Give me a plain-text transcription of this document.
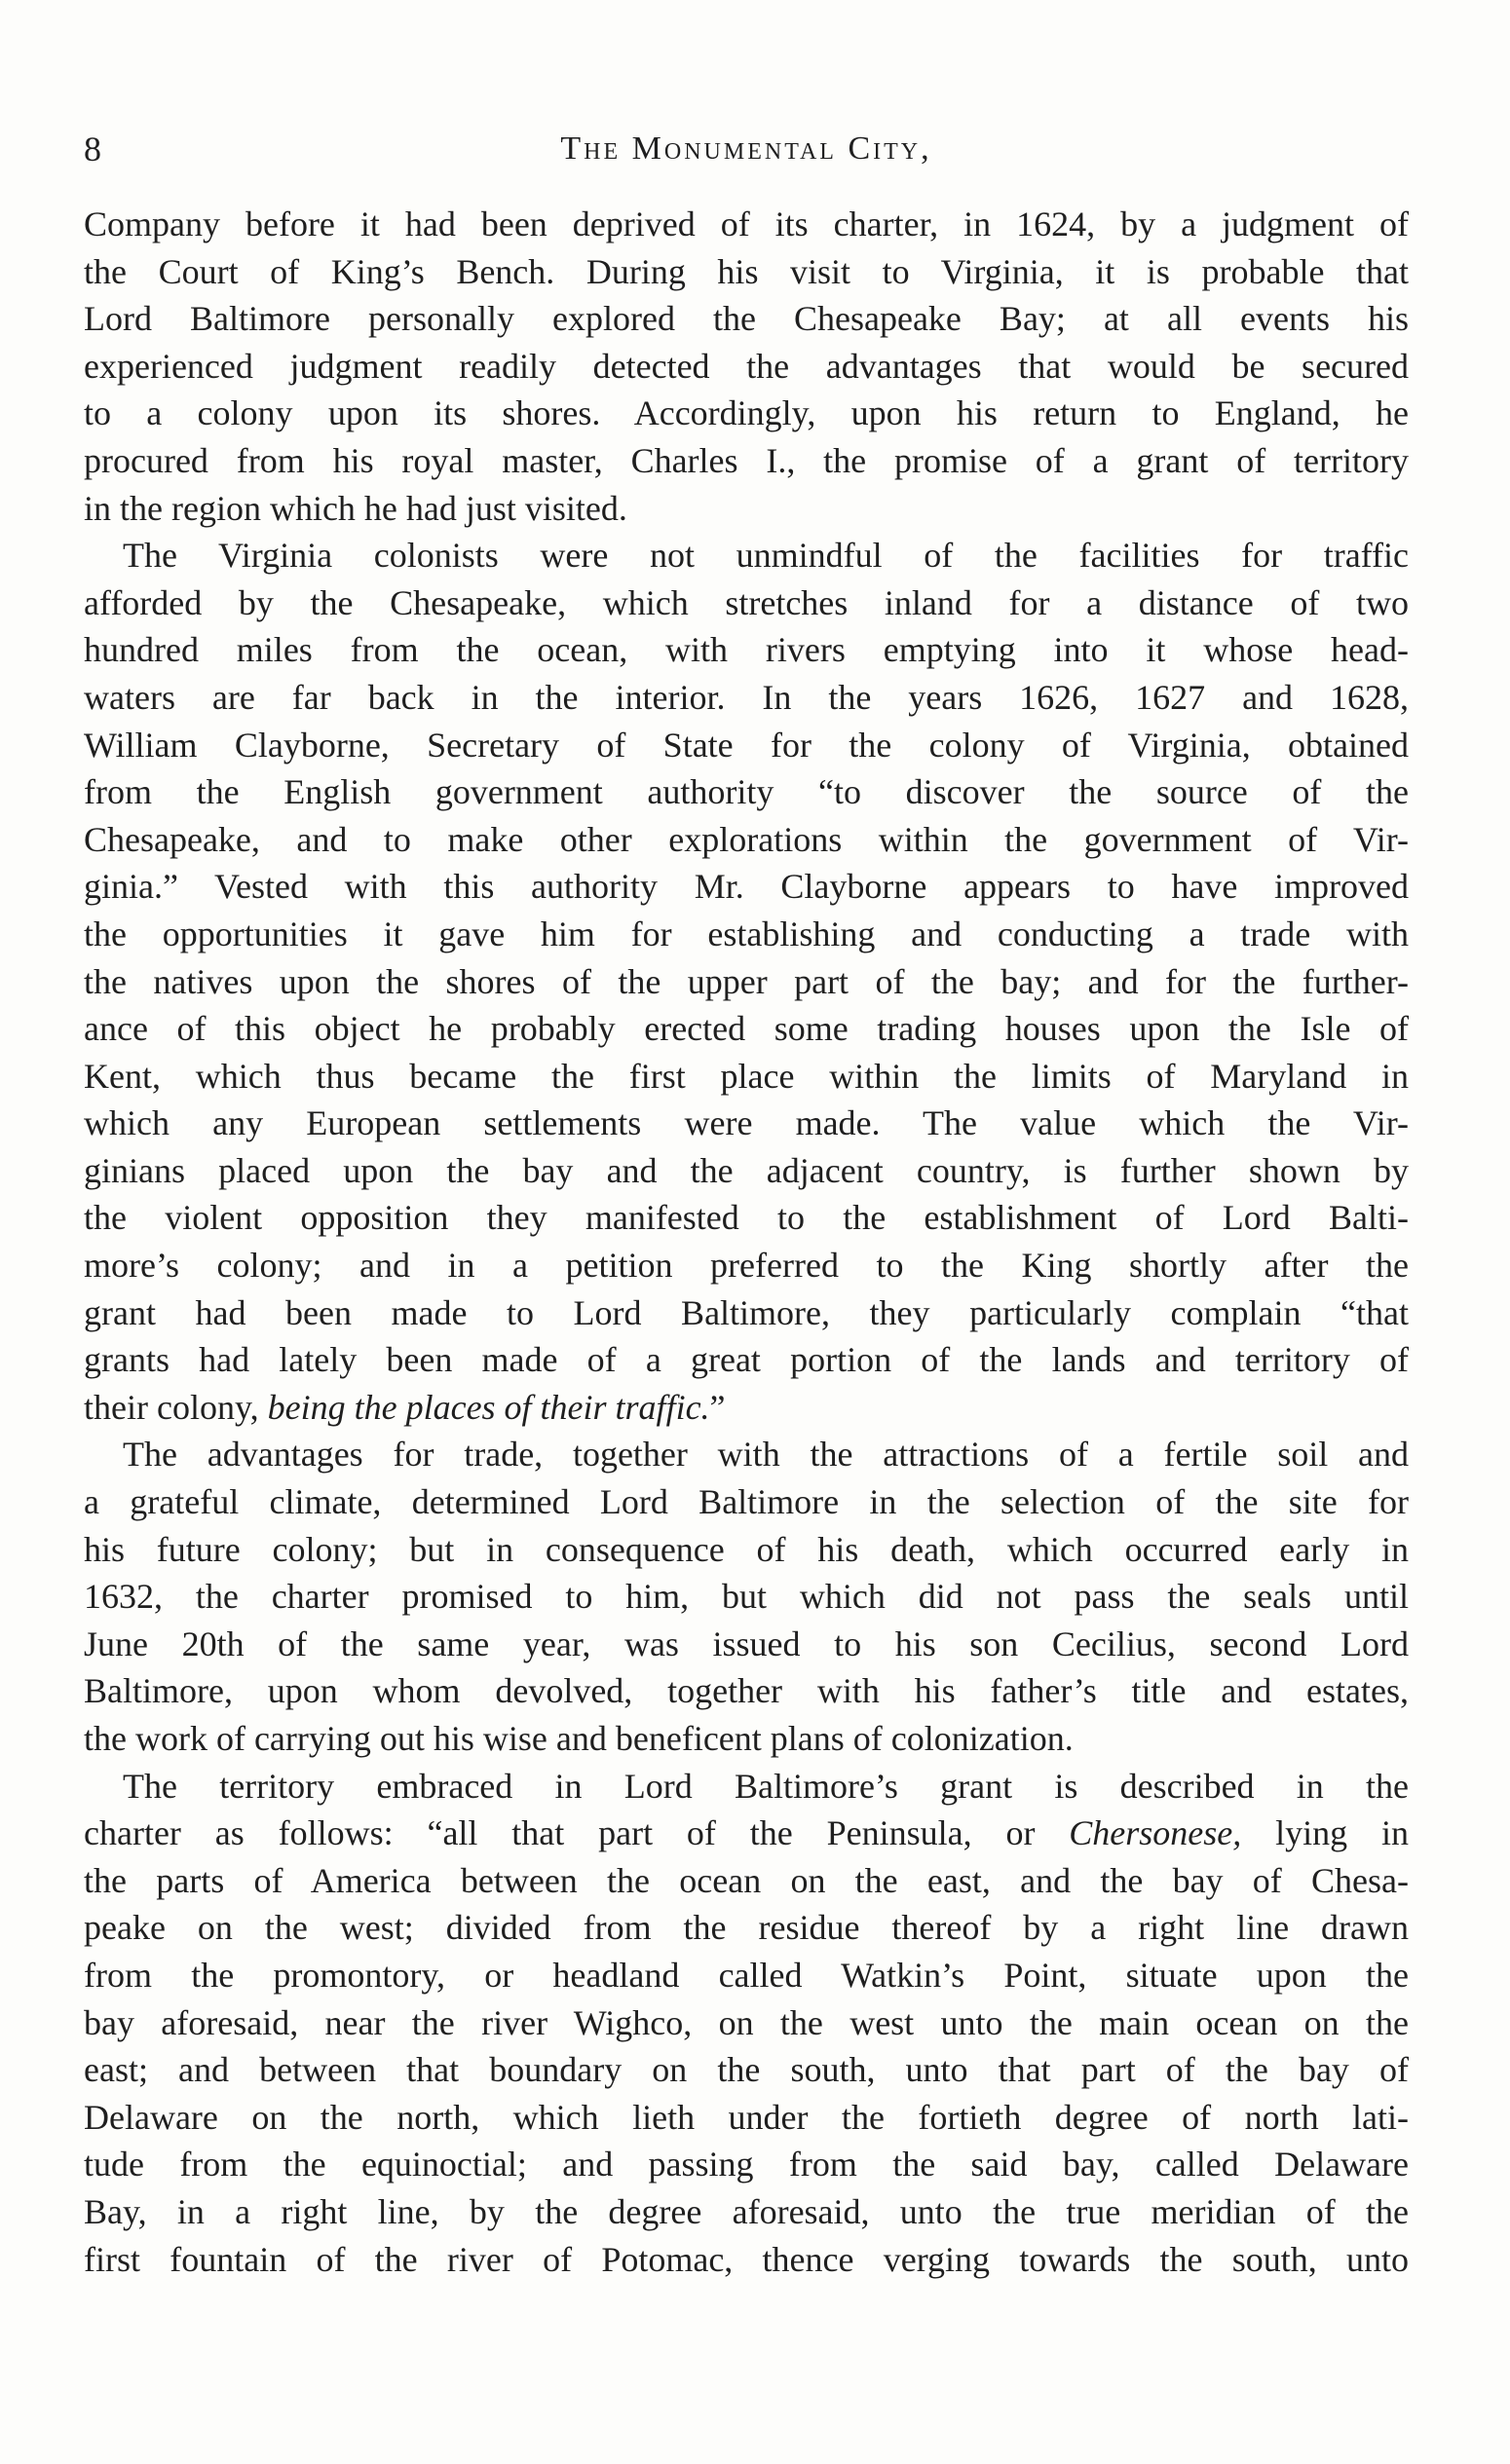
8	The Monumental City,
Company before it had been deprived of its charter, in 1624, by a judgment of
the Court of King’s Bench. During his visit to Virginia, it is probable that
Lord Baltimore personally explored the Chesapeake Bay; at all events his
experienced judgment readily detected the advantages that would be secured
to a colony upon its shores. Accordingly, upon his return to England, he
procured from his royal master, Charles I., the promise of a grant of territory
in the region which he had just visited.
The Virginia colonists were not unmindful of the facilities for traffic
afforded by the Chesapeake, which stretches inland for a distance of two
hundred miles from the ocean, with rivers emptying into it whose head-
waters are far back in the interior. In the years 1626, 1627 and 1628,
William Clayborne, Secretary of State for the colony of Virginia, obtained
from the English government authority “to discover the source of the
Chesapeake, and to make other explorations within the government of Vir-
ginia.” Vested with this authority Mr. Clayborne appears to have improved
the opportunities it gave him for establishing and conducting a trade with
the natives upon the shores of the upper part of the bay; and for the further-
ance of this object he probably erected some trading houses upon the Isle of
Kent, which thus became the first place within the limits of Maryland in
which any European settlements were made. The value which the Vir-
ginians placed upon the bay and the adjacent country, is further shown by
the violent opposition they manifested to the establishment of Lord Balti-
more’s colony; and in a petition preferred to the King shortly after the
grant had been made to Lord Baltimore, they particularly complain “that
grants had lately been made of a great portion of the lands and territory of
their colony, being the places of their traffic.”
The advantages for trade, together with the attractions of a fertile soil and
a grateful climate, determined Lord Baltimore in the selection of the site for
his future colony; but in consequence of his death, which occurred early in
1632, the charter promised to him, but which did not pass the seals until
June 20th of the same year, was issued to his son Cecilius, second Lord
Baltimore, upon whom devolved, together with his father’s title and estates,
the work of carrying out his wise and beneficent plans of colonization.
The territory embraced in Lord Baltimore’s grant is described in the
charter as follows: “all that part of the Peninsula, or Chersonese, lying in
the parts of America between the ocean on the east, and the bay of Chesa-
peake on the west; divided from the residue thereof by a right line drawn
from the promontory, or headland called Watkin’s Point, situate upon the
bay aforesaid, near the river Wighco, on the west unto the main ocean on the
east; and between that boundary on the south, unto that part of the bay of
Delaware on the north, which lieth under the fortieth degree of north lati-
tude from the equinoctial; and passing from the said bay, called Delaware
Bay, in a right line, by the degree aforesaid, unto the true meridian of the
first fountain of the river of Potomac, thence verging towards the south, unto
